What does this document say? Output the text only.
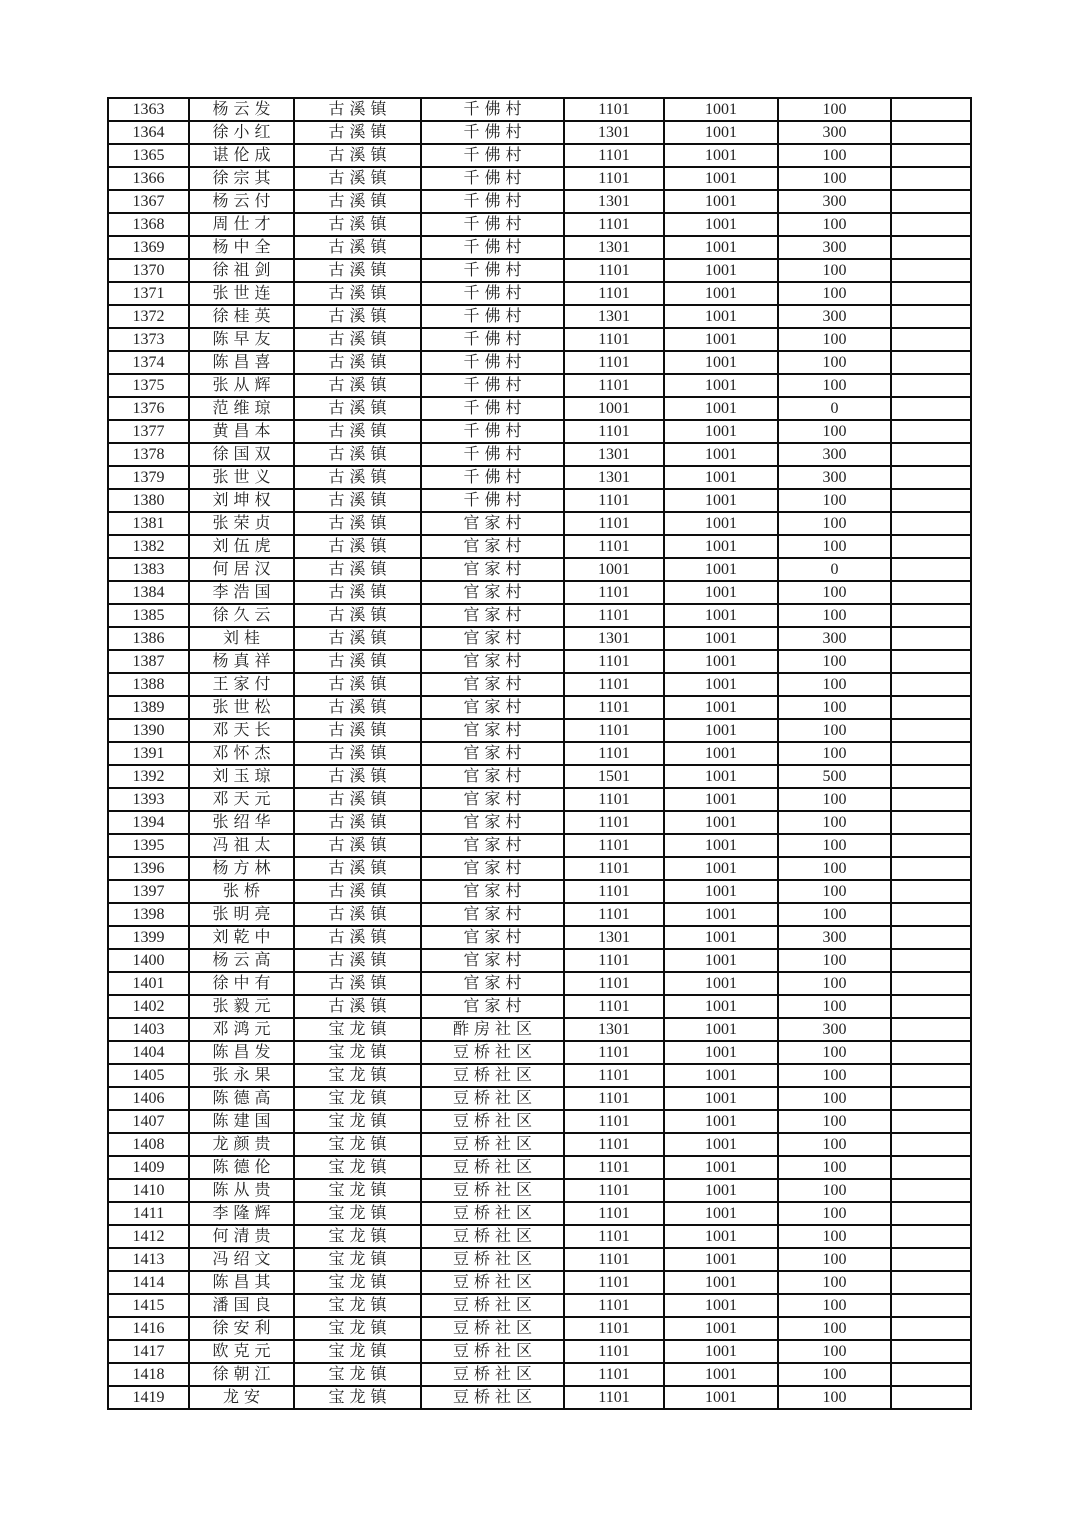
1363	杨云发	古溪镇	千佛村	1101	1001	100	
1364	徐小红	古溪镇	千佛村	1301	1001	300	
1365	谌伦成	古溪镇	千佛村	1101	1001	100	
1366	徐宗其	古溪镇	千佛村	1101	1001	100	
1367	杨云付	古溪镇	千佛村	1301	1001	300	
1368	周仕才	古溪镇	千佛村	1101	1001	100	
1369	杨中全	古溪镇	千佛村	1301	1001	300	
1370	徐祖剑	古溪镇	千佛村	1101	1001	100	
1371	张世连	古溪镇	千佛村	1101	1001	100	
1372	徐桂英	古溪镇	千佛村	1301	1001	300	
1373	陈早友	古溪镇	千佛村	1101	1001	100	
1374	陈昌喜	古溪镇	千佛村	1101	1001	100	
1375	张从辉	古溪镇	千佛村	1101	1001	100	
1376	范维琼	古溪镇	千佛村	1001	1001	0	
1377	黄昌本	古溪镇	千佛村	1101	1001	100	
1378	徐国双	古溪镇	千佛村	1301	1001	300	
1379	张世义	古溪镇	千佛村	1301	1001	300	
1380	刘坤权	古溪镇	千佛村	1101	1001	100	
1381	张荣贞	古溪镇	官家村	1101	1001	100	
1382	刘伍虎	古溪镇	官家村	1101	1001	100	
1383	何居汉	古溪镇	官家村	1001	1001	0	
1384	李浩国	古溪镇	官家村	1101	1001	100	
1385	徐久云	古溪镇	官家村	1101	1001	100	
1386	刘桂	古溪镇	官家村	1301	1001	300	
1387	杨真祥	古溪镇	官家村	1101	1001	100	
1388	王家付	古溪镇	官家村	1101	1001	100	
1389	张世松	古溪镇	官家村	1101	1001	100	
1390	邓天长	古溪镇	官家村	1101	1001	100	
1391	邓怀杰	古溪镇	官家村	1101	1001	100	
1392	刘玉琼	古溪镇	官家村	1501	1001	500	
1393	邓天元	古溪镇	官家村	1101	1001	100	
1394	张绍华	古溪镇	官家村	1101	1001	100	
1395	冯祖太	古溪镇	官家村	1101	1001	100	
1396	杨方林	古溪镇	官家村	1101	1001	100	
1397	张桥	古溪镇	官家村	1101	1001	100	
1398	张明亮	古溪镇	官家村	1101	1001	100	
1399	刘乾中	古溪镇	官家村	1301	1001	300	
1400	杨云高	古溪镇	官家村	1101	1001	100	
1401	徐中有	古溪镇	官家村	1101	1001	100	
1402	张毅元	古溪镇	官家村	1101	1001	100	
1403	邓鸿元	宝龙镇	酢房社区	1301	1001	300	
1404	陈昌发	宝龙镇	豆桥社区	1101	1001	100	
1405	张永果	宝龙镇	豆桥社区	1101	1001	100	
1406	陈德高	宝龙镇	豆桥社区	1101	1001	100	
1407	陈建国	宝龙镇	豆桥社区	1101	1001	100	
1408	龙颜贵	宝龙镇	豆桥社区	1101	1001	100	
1409	陈德伦	宝龙镇	豆桥社区	1101	1001	100	
1410	陈从贵	宝龙镇	豆桥社区	1101	1001	100	
1411	李隆辉	宝龙镇	豆桥社区	1101	1001	100	
1412	何清贵	宝龙镇	豆桥社区	1101	1001	100	
1413	冯绍文	宝龙镇	豆桥社区	1101	1001	100	
1414	陈昌其	宝龙镇	豆桥社区	1101	1001	100	
1415	潘国良	宝龙镇	豆桥社区	1101	1001	100	
1416	徐安利	宝龙镇	豆桥社区	1101	1001	100	
1417	欧克元	宝龙镇	豆桥社区	1101	1001	100	
1418	徐朝江	宝龙镇	豆桥社区	1101	1001	100	
1419	龙安	宝龙镇	豆桥社区	1101	1001	100	
